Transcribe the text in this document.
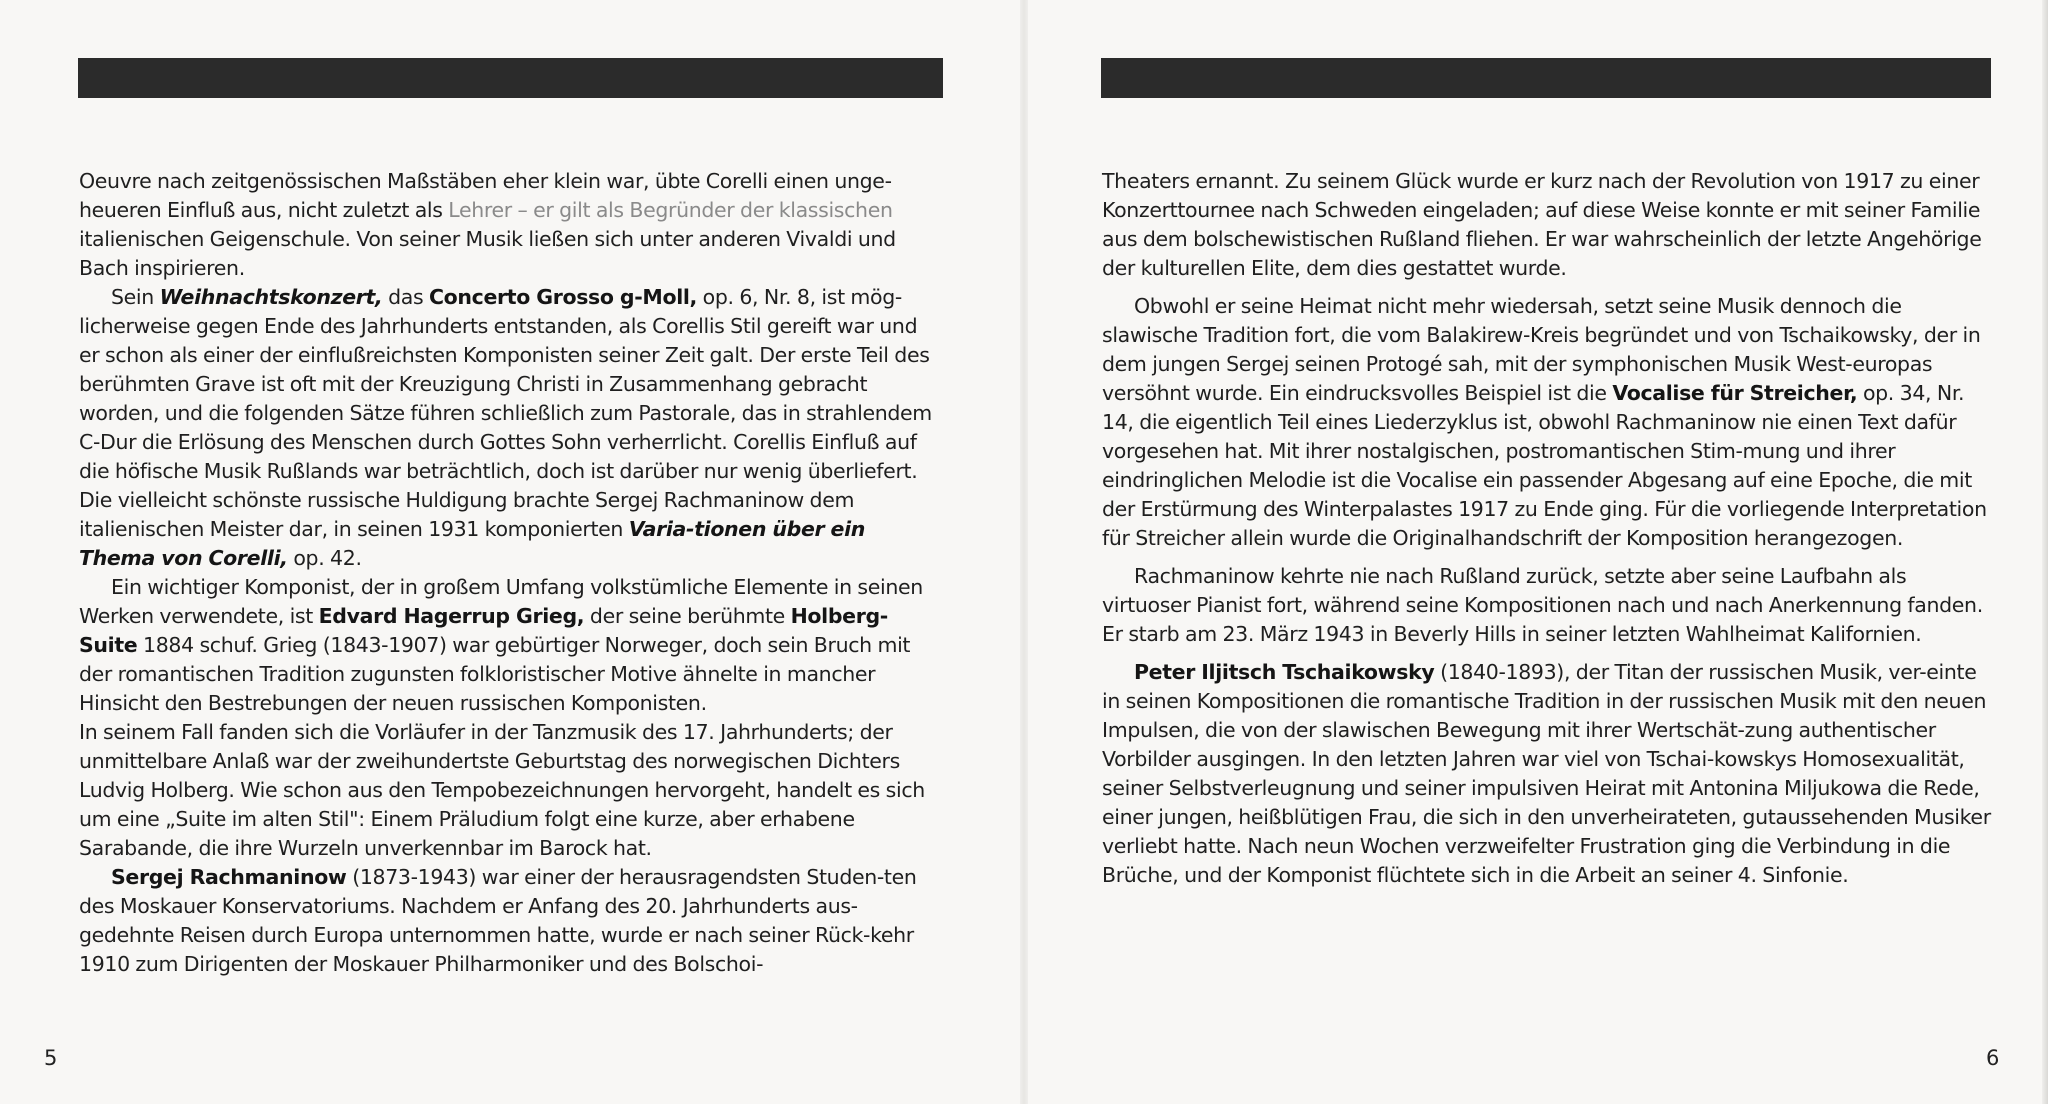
Oeuvre nach zeitgenössischen Maßstäben eher klein war, übte Corelli einen unge-heueren Einfluß aus, nicht zuletzt als Lehrer – er gilt als Begründer der klassischen italienischen Geigenschule. Von seiner Musik ließen sich unter anderen Vivaldi und Bach inspirieren.

Sein Weihnachtskonzert, das Concerto Grosso g-Moll, op. 6, Nr. 8, ist mög-licherweise gegen Ende des Jahrhunderts entstanden, als Corellis Stil gereift war und er schon als einer der einflußreichsten Komponisten seiner Zeit galt. Der erste Teil des berühmten Grave ist oft mit der Kreuzigung Christi in Zusammenhang gebracht worden, und die folgenden Sätze führen schließlich zum Pastorale, das in strahlendem C-Dur die Erlösung des Menschen durch Gottes Sohn verherrlicht. Corellis Einfluß auf die höfische Musik Rußlands war beträchtlich, doch ist darüber nur wenig überliefert. Die vielleicht schönste russische Huldigung brachte Sergej Rachmaninow dem italienischen Meister dar, in seinen 1931 komponierten Varia-tionen über ein Thema von Corelli, op. 42.

Ein wichtiger Komponist, der in großem Umfang volkstümliche Elemente in seinen Werken verwendete, ist Edvard Hagerrup Grieg, der seine berühmte Holberg-Suite 1884 schuf. Grieg (1843-1907) war gebürtiger Norweger, doch sein Bruch mit der romantischen Tradition zugunsten folkloristischer Motive ähnelte in mancher Hinsicht den Bestrebungen der neuen russischen Komponisten.

In seinem Fall fanden sich die Vorläufer in der Tanzmusik des 17. Jahrhunderts; der unmittelbare Anlaß war der zweihundertste Geburtstag des norwegischen Dichters Ludvig Holberg. Wie schon aus den Tempobezeichnungen hervorgeht, handelt es sich um eine „Suite im alten Stil": Einem Präludium folgt eine kurze, aber erhabene Sarabande, die ihre Wurzeln unverkennbar im Barock hat.

Sergej Rachmaninow (1873-1943) war einer der herausragendsten Studen-ten des Moskauer Konservatoriums. Nachdem er Anfang des 20. Jahrhunderts aus-gedehnte Reisen durch Europa unternommen hatte, wurde er nach seiner Rück-kehr 1910 zum Dirigenten der Moskauer Philharmoniker und des Bolschoi-

5

Theaters ernannt. Zu seinem Glück wurde er kurz nach der Revolution von 1917 zu einer Konzerttournee nach Schweden eingeladen; auf diese Weise konnte er mit seiner Familie aus dem bolschewistischen Rußland fliehen. Er war wahrscheinlich der letzte Angehörige der kulturellen Elite, dem dies gestattet wurde.

Obwohl er seine Heimat nicht mehr wiedersah, setzt seine Musik dennoch die slawische Tradition fort, die vom Balakirew-Kreis begründet und von Tschaikowsky, der in dem jungen Sergej seinen Protogé sah, mit der symphonischen Musik West-europas versöhnt wurde. Ein eindrucksvolles Beispiel ist die Vocalise für Streicher, op. 34, Nr. 14, die eigentlich Teil eines Liederzyklus ist, obwohl Rachmaninow nie einen Text dafür vorgesehen hat. Mit ihrer nostalgischen, postromantischen Stim-mung und ihrer eindringlichen Melodie ist die Vocalise ein passender Abgesang auf eine Epoche, die mit der Erstürmung des Winterpalastes 1917 zu Ende ging. Für die vorliegende Interpretation für Streicher allein wurde die Originalhandschrift der Komposition herangezogen.

Rachmaninow kehrte nie nach Rußland zurück, setzte aber seine Laufbahn als virtuoser Pianist fort, während seine Kompositionen nach und nach Anerkennung fanden. Er starb am 23. März 1943 in Beverly Hills in seiner letzten Wahlheimat Kalifornien.

Peter Iljitsch Tschaikowsky (1840-1893), der Titan der russischen Musik, ver-einte in seinen Kompositionen die romantische Tradition in der russischen Musik mit den neuen Impulsen, die von der slawischen Bewegung mit ihrer Wertschät-zung authentischer Vorbilder ausgingen. In den letzten Jahren war viel von Tschai-kowskys Homosexualität, seiner Selbstverleugnung und seiner impulsiven Heirat mit Antonina Miljukowa die Rede, einer jungen, heißblütigen Frau, die sich in den unverheirateten, gutaussehenden Musiker verliebt hatte. Nach neun Wochen verzweifelter Frustration ging die Verbindung in die Brüche, und der Komponist flüchtete sich in die Arbeit an seiner 4. Sinfonie.

6
